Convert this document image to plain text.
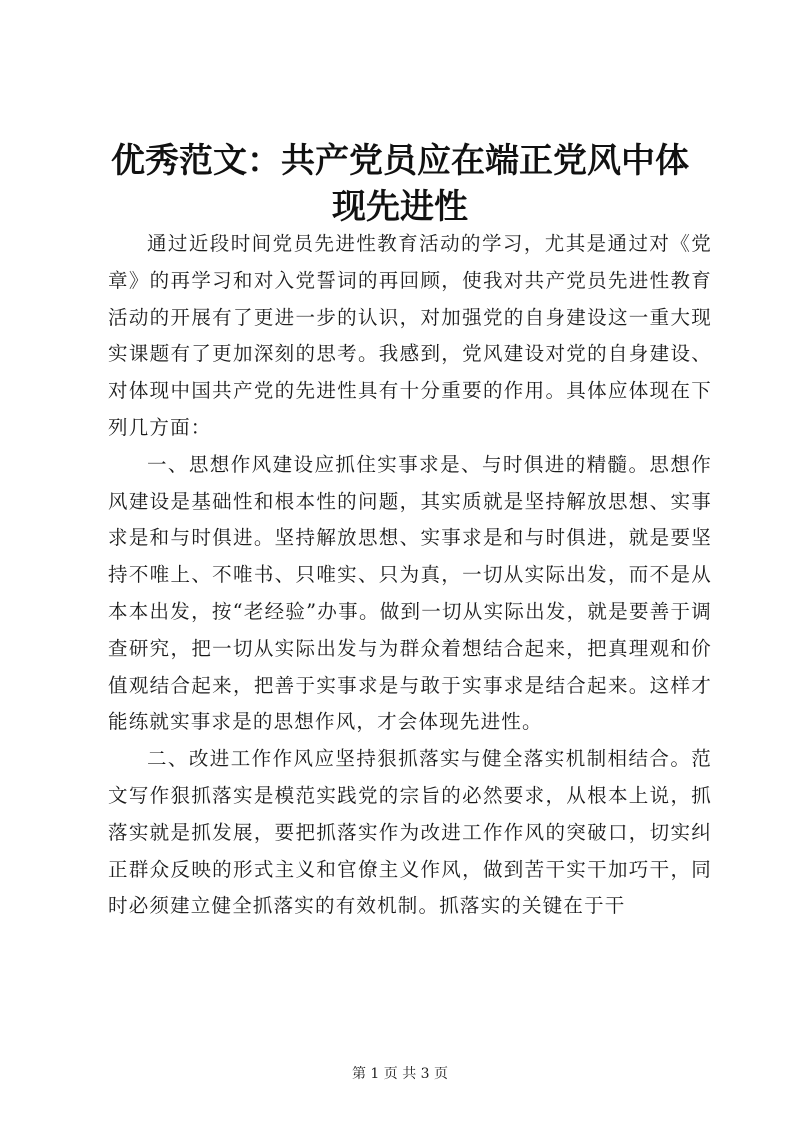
优秀范文：共产党员应在端正党风中体现先进性

通过近段时间党员先进性教育活动的学习，尤其是通过对《党章》的再学习和对入党誓词的再回顾，使我对共产党员先进性教育活动的开展有了更进一步的认识，对加强党的自身建设这一重大现实课题有了更加深刻的思考。我感到，党风建设对党的自身建设、对体现中国共产党的先进性具有十分重要的作用。具体应体现在下列几方面：

一、思想作风建设应抓住实事求是、与时俱进的精髓。思想作风建设是基础性和根本性的问题，其实质就是坚持解放思想、实事求是和与时俱进。坚持解放思想、实事求是和与时俱进，就是要坚持不唯上、不唯书、只唯实、只为真，一切从实际出发，而不是从本本出发，按“老经验”办事。做到一切从实际出发，就是要善于调查研究，把一切从实际出发与为群众着想结合起来，把真理观和价值观结合起来，把善于实事求是与敢于实事求是结合起来。这样才能练就实事求是的思想作风，才会体现先进性。

二、改进工作作风应坚持狠抓落实与健全落实机制相结合。范文写作狠抓落实是模范实践党的宗旨的必然要求，从根本上说，抓落实就是抓发展，要把抓落实作为改进工作作风的突破口，切实纠正群众反映的形式主义和官僚主义作风，做到苦干实干加巧干，同时必须建立健全抓落实的有效机制。抓落实的关键在于干

第 1 页 共 3 页
